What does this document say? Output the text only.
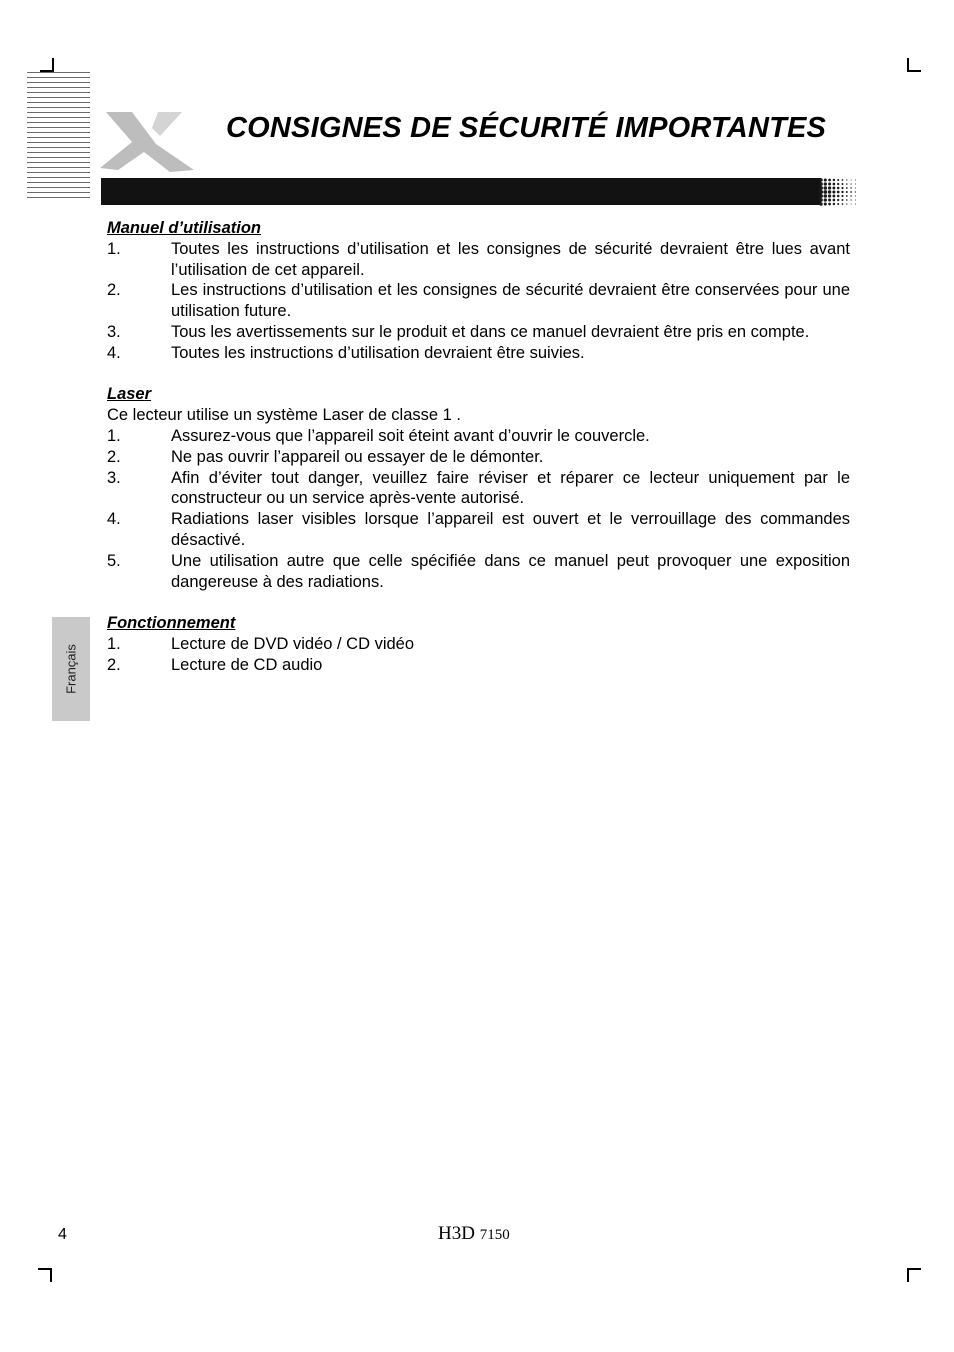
CONSIGNES DE SÉCURITÉ IMPORTANTES
Français
Manuel d’utilisation
1.	Toutes les instructions d’utilisation et les consignes de sécurité devraient être lues avant l’utilisation de cet appareil.
2.	Les instructions d’utilisation et les consignes de sécurité devraient être conservées pour une utilisation future.
3.	Tous les avertissements sur le produit et dans ce manuel devraient être pris en compte.
4.	Toutes les instructions d’utilisation devraient être suivies.
Laser
Ce lecteur utilise un système Laser de classe 1 .
1.	Assurez-vous que l’appareil soit éteint avant d’ouvrir le couvercle.
2.	Ne pas ouvrir l’appareil ou essayer de le démonter.
3.	Afin d’éviter tout danger, veuillez faire réviser et réparer ce lecteur uniquement par le constructeur ou un service après-vente autorisé.
4.	Radiations laser visibles lorsque l’appareil est ouvert et le verrouillage des commandes désactivé.
5.	Une utilisation autre que celle spécifiée dans ce manuel peut provoquer une exposition dangereuse à des radiations.
Fonctionnement
1.	Lecture de DVD vidéo / CD vidéo
2.	Lecture de CD audio
4	H3D 7150
